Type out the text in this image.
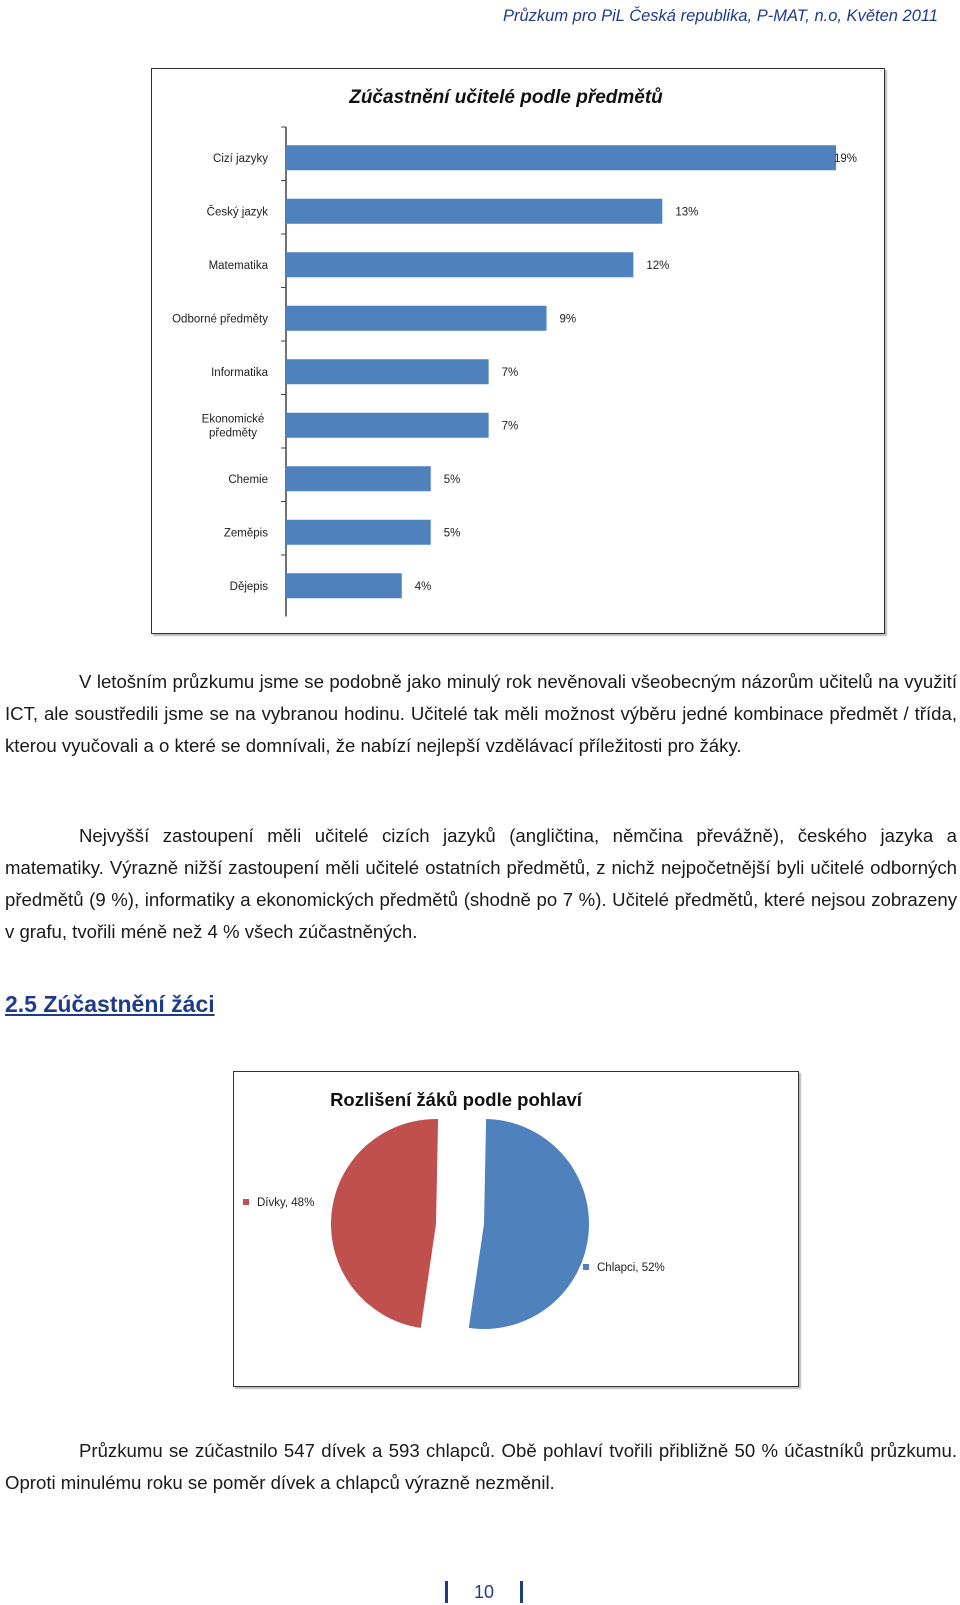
Průzkum pro PiL Česká republika, P-MAT, n.o, Květen 2011
Zúčastnění učitelé podle předmětů
Cizí jazyky	19%
Český jazyk	13%
Matematika	12%
Odborné předměty	9%
Informatika	7%
Ekonomické předměty
7%
Chemie	5%
Zeměpis	5%
Dějepis	4%
V letošním průzkumu jsme se podobně jako minulý rok nevěnovali všeobecným názorům učitelů na využití ICT, ale soustředili jsme se na vybranou hodinu. Učitelé tak měli možnost výběru jedné kombinace předmět / třída, kterou vyučovali a o které se domnívali, že nabízí nejlepší vzdělávací příležitosti pro žáky.
Nejvyšší zastoupení měli učitelé cizích jazyků (angličtina, němčina převážně), českého jazyka a matematiky. Výrazně nižší zastoupení měli učitelé ostatních předmětů, z nichž nejpočetnější byli učitelé odborných předmětů (9 %), informatiky a ekonomických předmětů (shodně po 7 %). Učitelé předmětů, které nejsou zobrazeny v grafu, tvořili méně než 4 % všech zúčastněných.
2.5 Zúčastnění žáci
Rozlišení žáků podle pohlaví
Dívky, 48%
Chlapci, 52%
Průzkumu se zúčastnilo 547 dívek a 593 chlapců. Obě pohlaví tvořili přibližně 50 % účastníků průzkumu. Oproti minulému roku se poměr dívek a chlapců výrazně nezměnil.
10
